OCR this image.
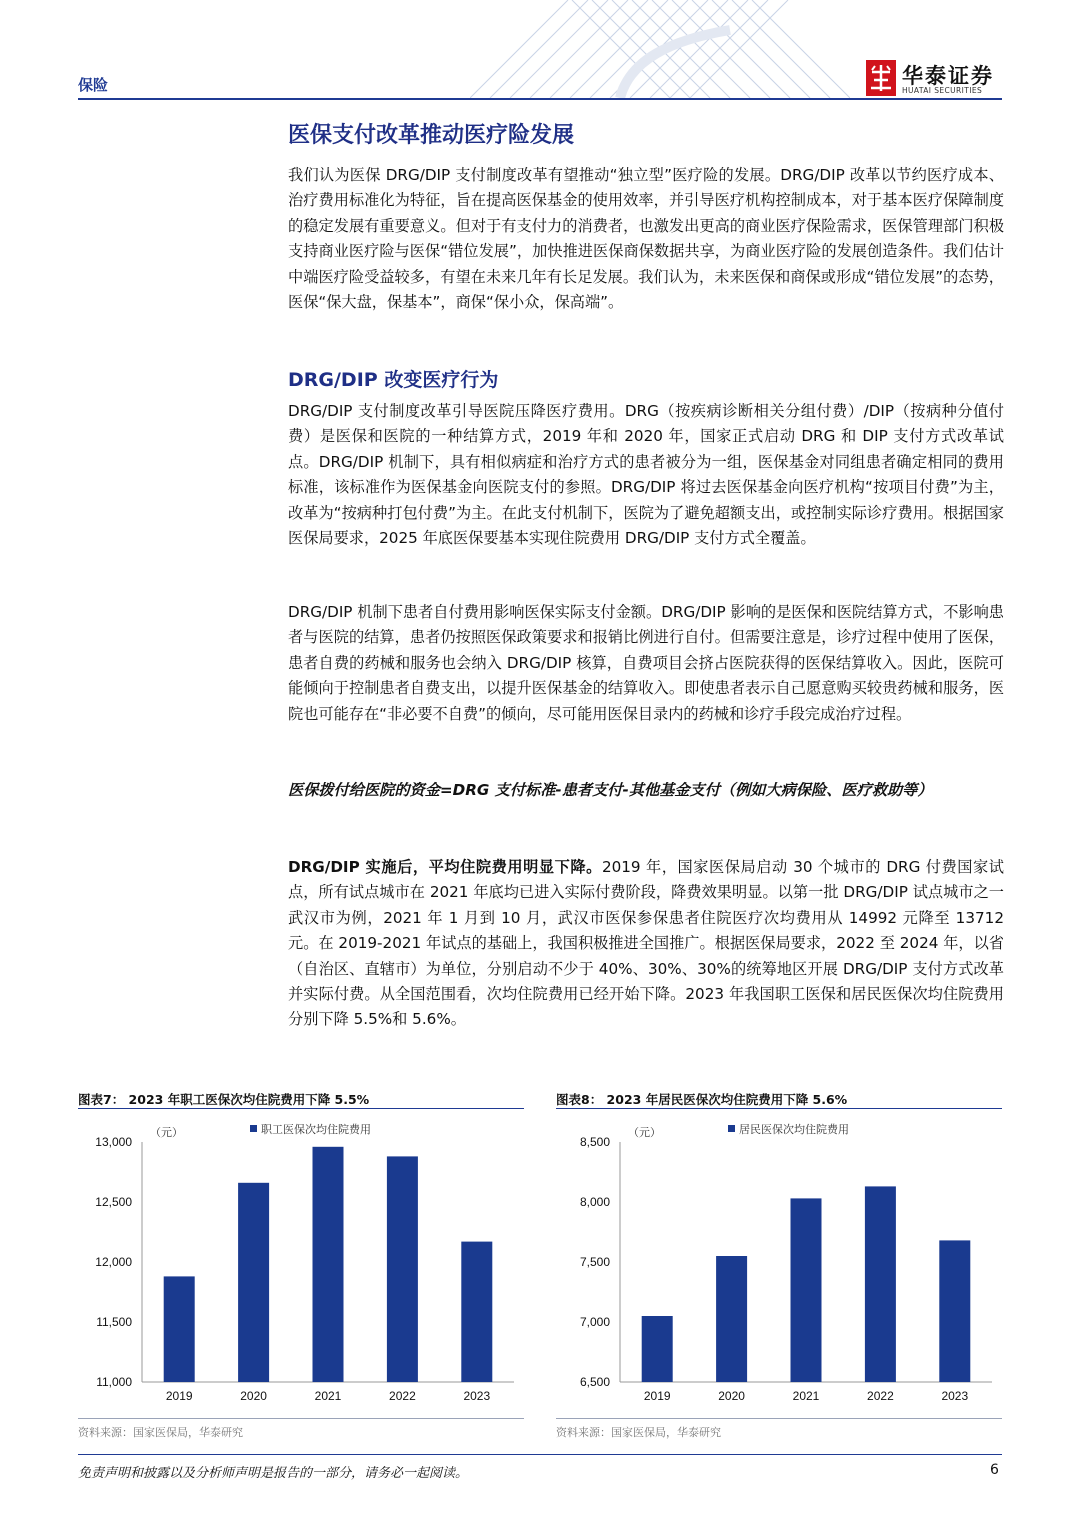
保险	华泰证券
HUATAI SECURITIES
医保支付改革推动医疗险发展

我们认为医保 DRG/DIP 支付制度改革有望推动“独立型”医疗险的发展。DRG/DIP 改革以节约医疗成本、治疗费用标准化为特征，旨在提高医保基金的使用效率，并引导医疗机构控制成本，对于基本医疗保障制度的稳定发展有重要意义。但对于有支付力的消费者，也激发出更高的商业医疗保险需求，医保管理部门积极支持商业医疗险与医保“错位发展”，加快推进医保商保数据共享，为商业医疗险的发展创造条件。我们估计中端医疗险受益较多，有望在未来几年有长足发展。我们认为，未来医保和商保或形成“错位发展”的态势，医保“保大盘，保基本”，商保“保小众，保高端”。

DRG/DIP 改变医疗行为

DRG/DIP 支付制度改革引导医院压降医疗费用。DRG（按疾病诊断相关分组付费）/DIP（按病种分值付费）是医保和医院的一种结算方式，2019 年和 2020 年，国家正式启动 DRG 和 DIP 支付方式改革试点。DRG/DIP 机制下，具有相似病症和治疗方式的患者被分为一组，医保基金对同组患者确定相同的费用标准，该标准作为医保基金向医院支付的参照。DRG/DIP 将过去医保基金向医疗机构“按项目付费”为主，改革为“按病种打包付费”为主。在此支付机制下，医院为了避免超额支出，或控制实际诊疗费用。根据国家医保局要求，2025 年底医保要基本实现住院费用 DRG/DIP 支付方式全覆盖。

DRG/DIP 机制下患者自付费用影响医保实际支付金额。DRG/DIP 影响的是医保和医院结算方式，不影响患者与医院的结算，患者仍按照医保政策要求和报销比例进行自付。但需要注意是，诊疗过程中使用了医保，患者自费的药械和服务也会纳入 DRG/DIP 核算，自费项目会挤占医院获得的医保结算收入。因此，医院可能倾向于控制患者自费支出，以提升医保基金的结算收入。即使患者表示自己愿意购买较贵药械和服务，医院也可能存在“非必要不自费”的倾向，尽可能用医保目录内的药械和诊疗手段完成治疗过程。

医保拨付给医院的资金=DRG 支付标准-患者支付-其他基金支付（例如大病保险、医疗救助等）

DRG/DIP 实施后，平均住院费用明显下降。2019 年，国家医保局启动 30 个城市的 DRG 付费国家试点，所有试点城市在 2021 年底均已进入实际付费阶段，降费效果明显。以第一批 DRG/DIP 试点城市之一武汉市为例，2021 年 1 月到 10 月，武汉市医保参保患者住院医疗次均费用从 14992 元降至 13712 元。在 2019-2021 年试点的基础上，我国积极推进全国推广。根据医保局要求，2022 至 2024 年，以省（自治区、直辖市）为单位，分别启动不少于 40%、30%、30%的统筹地区开展 DRG/DIP 支付方式改革并实际付费。从全国范围看，次均住院费用已经开始下降。2023 年我国职工医保和居民医保次均住院费用分别下降 5.5%和 5.6%。

图表7： 2023 年职工医保次均住院费用下降 5.5%
11,000
11,500
12,000
12,500
13,000
（元）	职工医保次均住院费用
2019	2020	2021	2022	2023
资料来源：国家医保局，华泰研究
图表8： 2023 年居民医保次均住院费用下降 5.6%
6,500
7,000
7,500
8,000
8,500
（元）	居民医保次均住院费用
2019	2020	2021	2022	2023
资料来源：国家医保局，华泰研究
免责声明和披露以及分析师声明是报告的一部分，请务必一起阅读。	6
